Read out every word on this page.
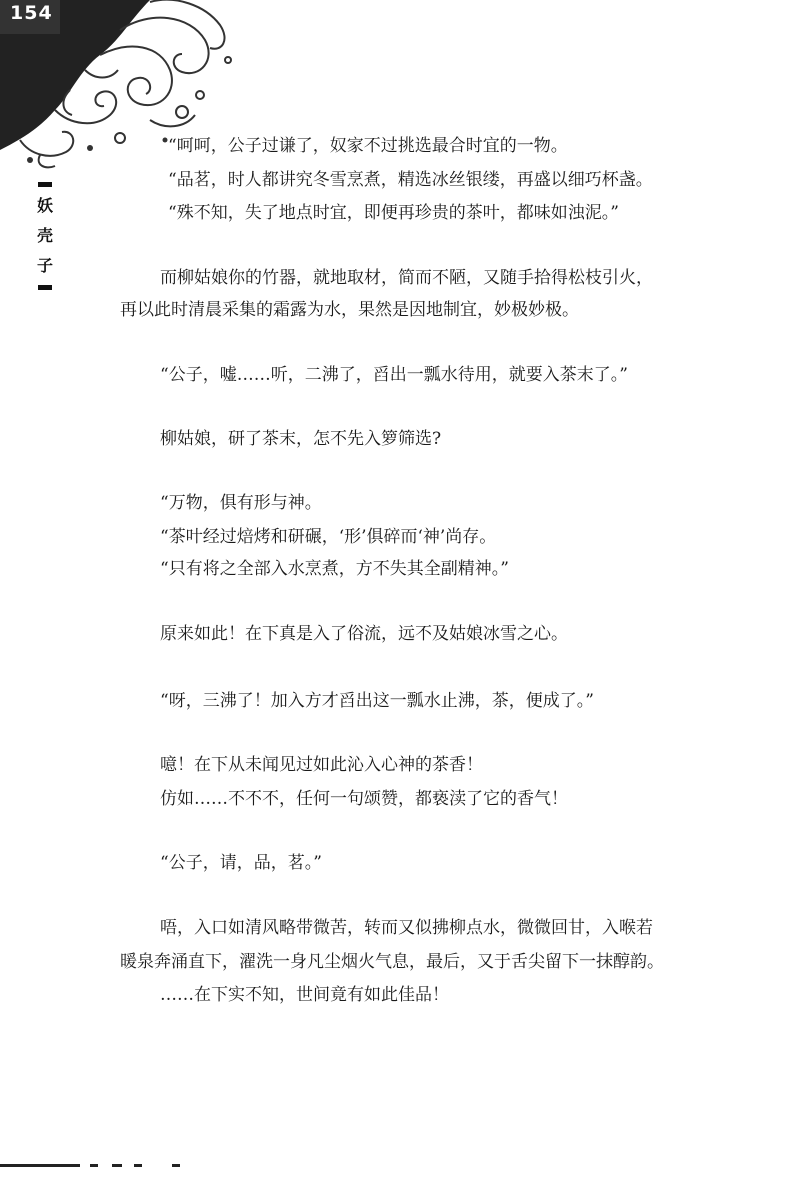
154
妖
壳
子
“呵呵，公子过谦了，奴家不过挑选最合时宜的一物。
“品茗，时人都讲究冬雪烹煮，精选冰丝银缕，再盛以细巧杯盏。
“殊不知，失了地点时宜，即便再珍贵的茶叶，都味如浊泥。”
而柳姑娘你的竹器，就地取材，简而不陋，又随手拾得松枝引火，
再以此时清晨采集的霜露为水，果然是因地制宜，妙极妙极。
“公子，嘘……听，二沸了，舀出一瓢水待用，就要入茶末了。”
柳姑娘，研了茶末，怎不先入箩筛选?
“万物，俱有形与神。
“茶叶经过焙烤和研碾，‘形’俱碎而‘神’尚存。
“只有将之全部入水烹煮，方不失其全副精神。”
原来如此！在下真是入了俗流，远不及姑娘冰雪之心。
“呀，三沸了！加入方才舀出这一瓢水止沸，茶，便成了。”
噫！在下从未闻见过如此沁入心神的茶香！
仿如……不不不，任何一句颂赞，都亵渎了它的香气！
“公子，请，品，茗。”
唔，入口如清风略带微苦，转而又似拂柳点水，微微回甘，入喉若
暖泉奔涌直下，濯洗一身凡尘烟火气息，最后，又于舌尖留下一抹醇韵。
……在下实不知，世间竟有如此佳品！
